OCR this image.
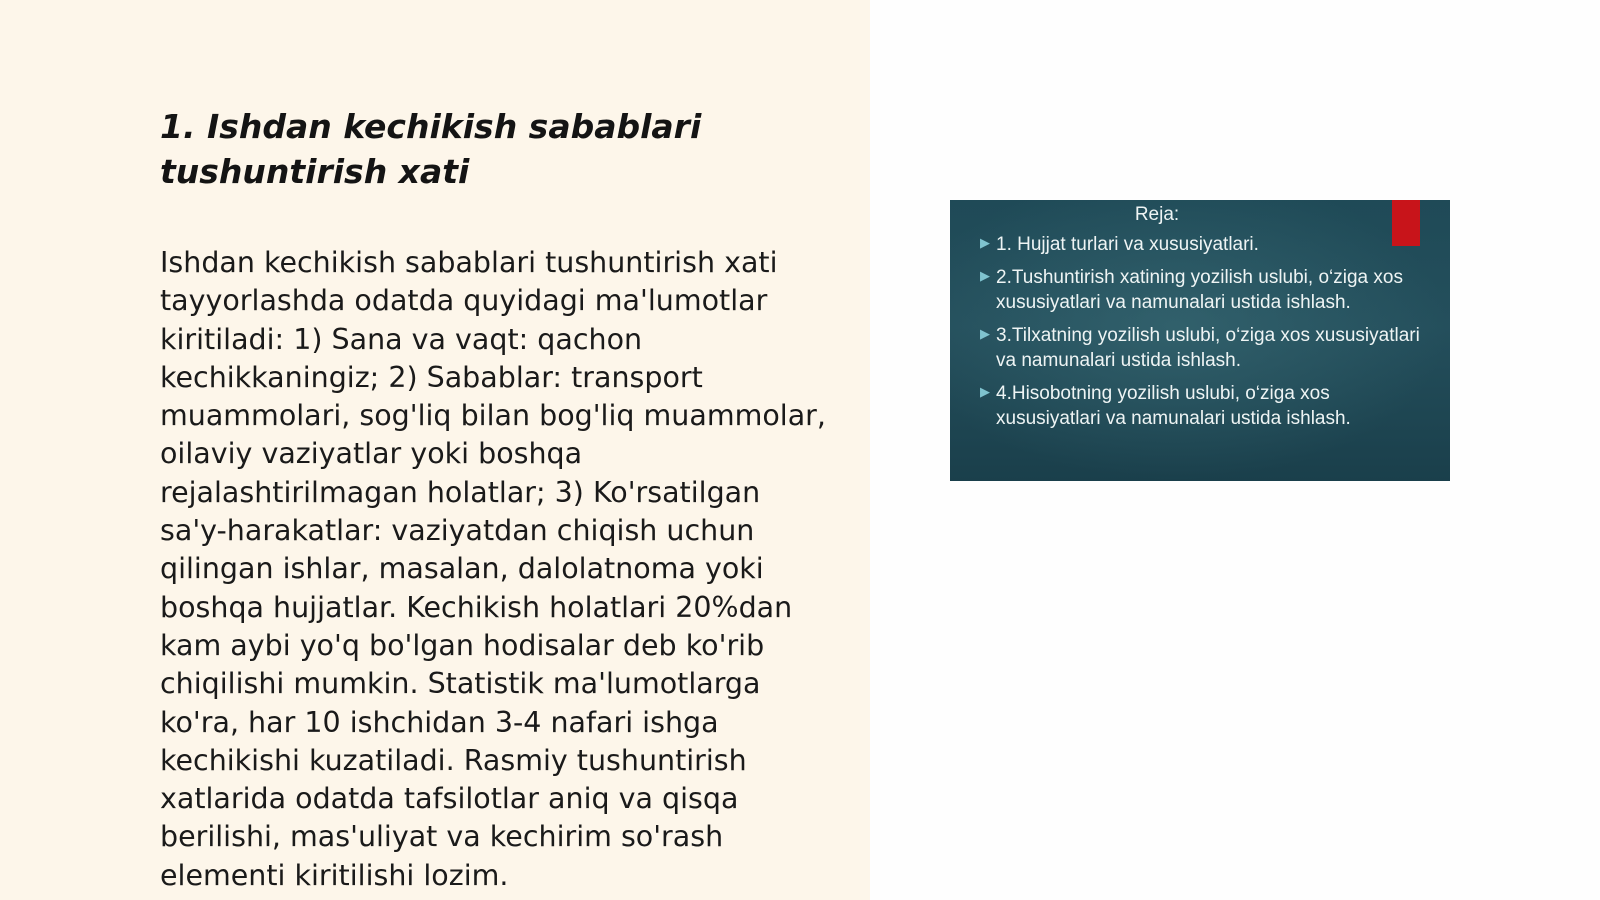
1. Ishdan kechikish sabablari tushuntirish xati

Ishdan kechikish sabablari tushuntirish xati tayyorlashda odatda quyidagi ma'lumotlar kiritiladi: 1) Sana va vaqt: qachon kechikkaningiz; 2) Sabablar: transport muammolari, sog'liq bilan bog'liq muammolar, oilaviy vaziyatlar yoki boshqa rejalashtirilmagan holatlar; 3) Ko'rsatilgan sa'y-harakatlar: vaziyatdan chiqish uchun qilingan ishlar, masalan, dalolatnoma yoki boshqa hujjatlar. Kechikish holatlari 20%dan kam aybi yo'q bo'lgan hodisalar deb ko'rib chiqilishi mumkin. Statistik ma'lumotlarga ko'ra, har 10 ishchidan 3-4 nafari ishga kechikishi kuzatiladi. Rasmiy tushuntirish xatlarida odatda tafsilotlar aniq va qisqa berilishi, mas'uliyat va kechirim so'rash elementi kiritilishi lozim.

Reja:
▶ 1. Hujjat turlari va xususiyatlari.
▶ 2.Tushuntirish xatining yozilish uslubi, o‘ziga xos xususiyatlari va namunalari ustida ishlash.
▶ 3.Tilxatning yozilish uslubi, o‘ziga xos xususiyatlari va namunalari ustida ishlash.
▶ 4.Hisobotning yozilish uslubi, o‘ziga xos xususiyatlari va namunalari ustida ishlash.
